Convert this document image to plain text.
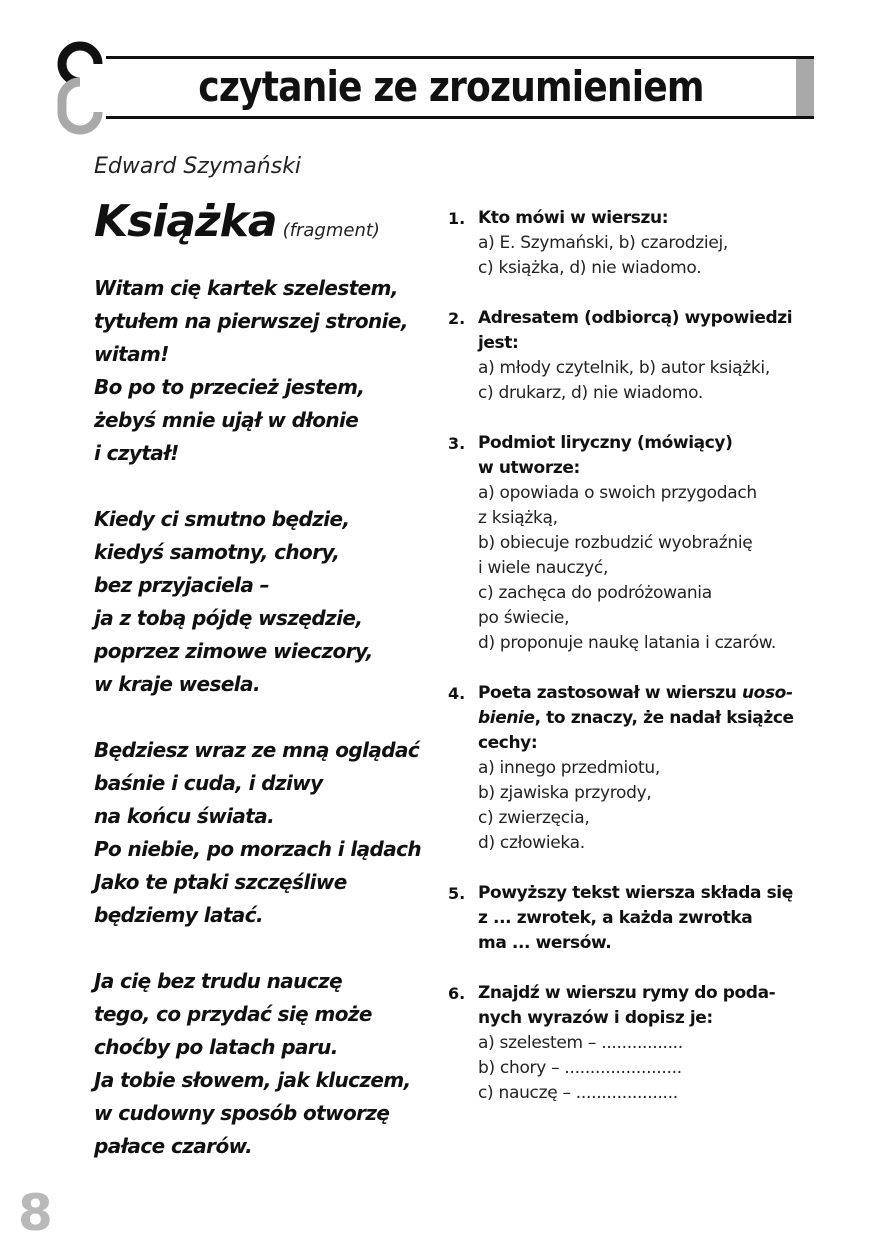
czytanie ze zrozumieniem
Edward Szymański
Książka (fragment)
Witam cię kartek szelestem,
tytułem na pierwszej stronie,
witam!
Bo po to przecież jestem,
żebyś mnie ujął w dłonie
i czytał!
Kiedy ci smutno będzie,
kiedyś samotny, chory,
bez przyjaciela –
ja z tobą pójdę wszędzie,
poprzez zimowe wieczory,
w kraje wesela.
Będziesz wraz ze mną oglądać
baśnie i cuda, i dziwy
na końcu świata.
Po niebie, po morzach i lądach
Jako te ptaki szczęśliwe
będziemy latać.
Ja cię bez trudu nauczę
tego, co przydać się może
choćby po latach paru.
Ja tobie słowem, jak kluczem,
w cudowny sposób otworzę
pałace czarów.
1. Kto mówi w wierszu:
a) E. Szymański, b) czarodziej,
c) książka, d) nie wiadomo.
2. Adresatem (odbiorcą) wypowiedzi
jest:
a) młody czytelnik, b) autor książki,
c) drukarz, d) nie wiadomo.
3. Podmiot liryczny (mówiący)
w utworze:
a) opowiada o swoich przygodach
z książką,
b) obiecuje rozbudzić wyobraźnię
i wiele nauczyć,
c) zachęca do podróżowania
po świecie,
d) proponuje naukę latania i czarów.
4. Poeta zastosował w wierszu uoso-
bienie, to znaczy, że nadał książce
cechy:
a) innego przedmiotu,
b) zjawiska przyrody,
c) zwierzęcia,
d) człowieka.
5. Powyższy tekst wiersza składa się
z ... zwrotek, a każda zwrotka
ma ... wersów.
6. Znajdź w wierszu rymy do poda-
nych wyrazów i dopisz je:
a) szelestem – ................
b) chory – .......................
c) nauczę – ....................
8
